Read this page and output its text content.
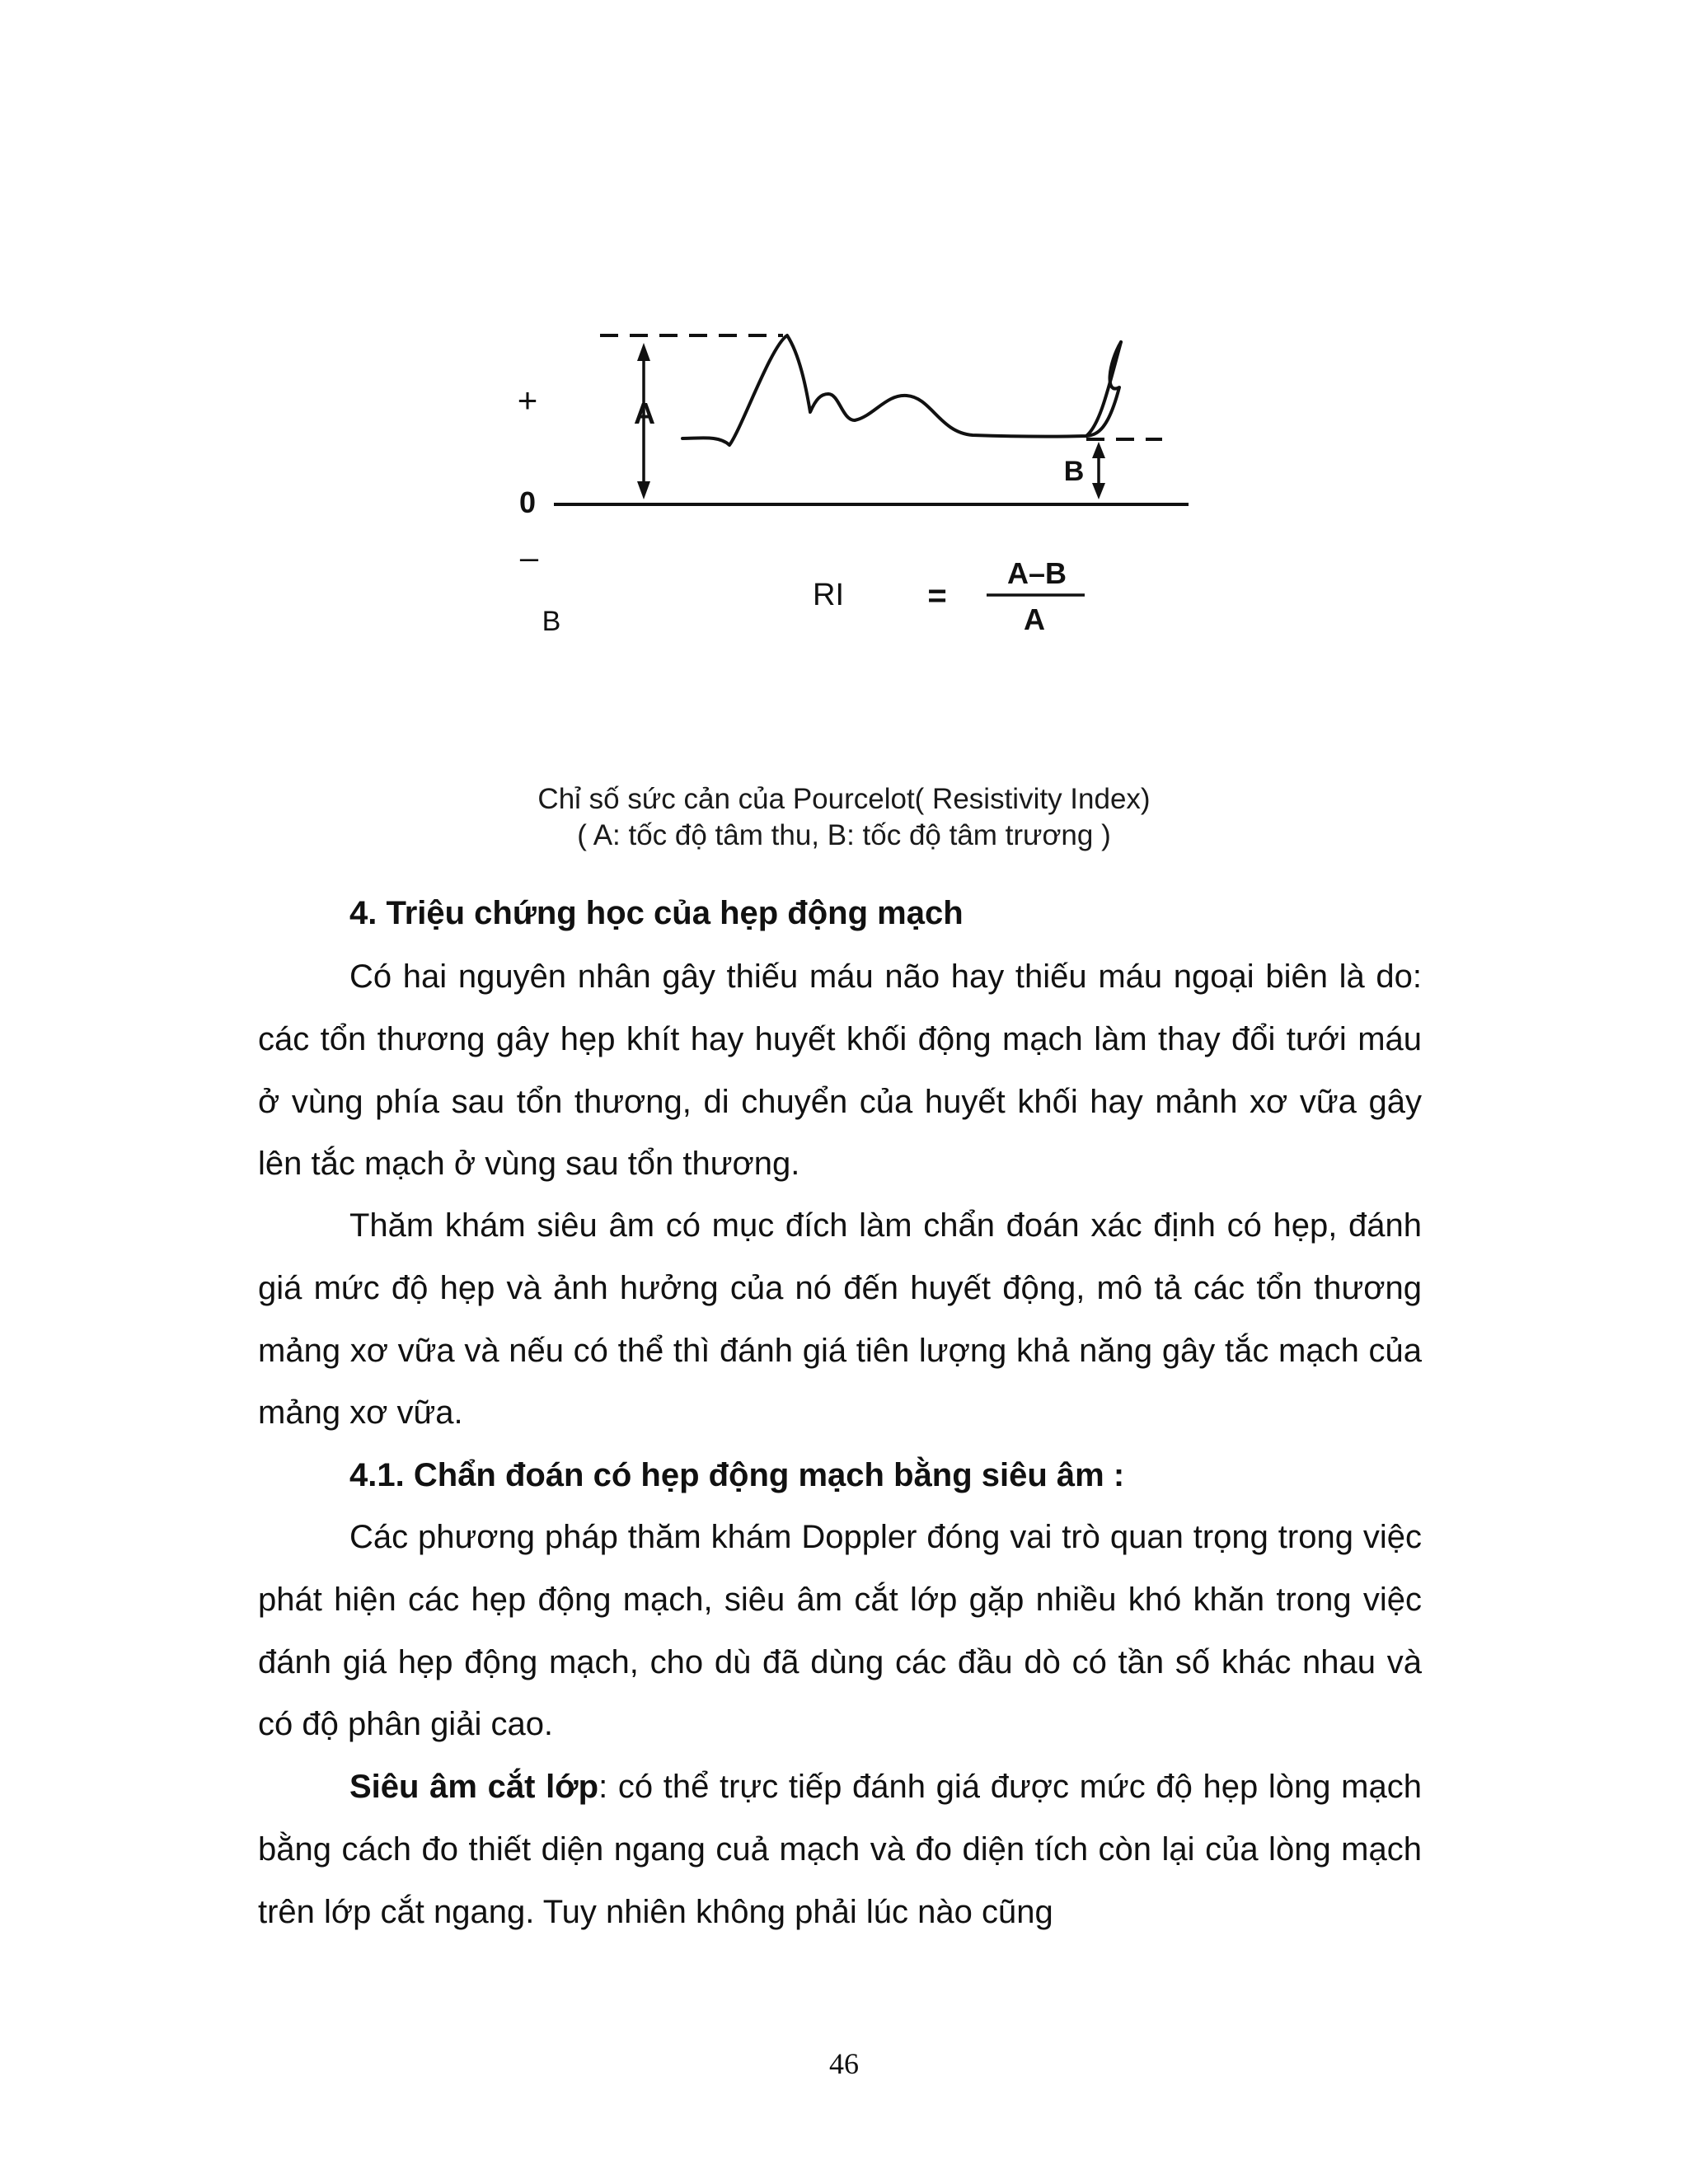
+
0
–
A
B
B
RI	=
A–B
A
Chỉ số sức cản của Pourcelot( Resistivity Index)
( A: tốc độ tâm thu, B: tốc độ tâm trương )
4. Triệu chứng học của hẹp động mạch

Có hai nguyên nhân gây thiếu máu não hay thiếu máu ngoại biên là do: các tổn thương gây hẹp khít hay huyết khối động mạch làm thay đổi tưới máu ở vùng phía sau tổn thương, di chuyển của huyết khối hay mảnh xơ vữa gây lên tắc mạch ở vùng sau tổn thương.

Thăm khám siêu âm có mục đích làm chẩn đoán xác định có hẹp, đánh giá mức độ hẹp và ảnh hưởng của nó đến huyết động, mô tả các tổn thương mảng xơ vữa và nếu có thể thì đánh giá tiên lượng khả năng gây tắc mạch của mảng xơ vữa.

4.1. Chẩn đoán có hẹp động mạch bằng siêu âm :

Các phương pháp thăm khám Doppler đóng vai trò quan trọng trong việc phát hiện các hẹp động mạch, siêu âm cắt lớp gặp nhiều khó khăn trong việc đánh giá hẹp động mạch, cho dù đã dùng các đầu dò có tần số khác nhau và có độ phân giải cao.

Siêu âm cắt lớp: có thể trực tiếp đánh giá được mức độ hẹp lòng mạch bằng cách đo thiết diện ngang cuả mạch và đo diện tích còn lại của lòng mạch trên lớp cắt ngang. Tuy nhiên không phải lúc nào cũng

46
